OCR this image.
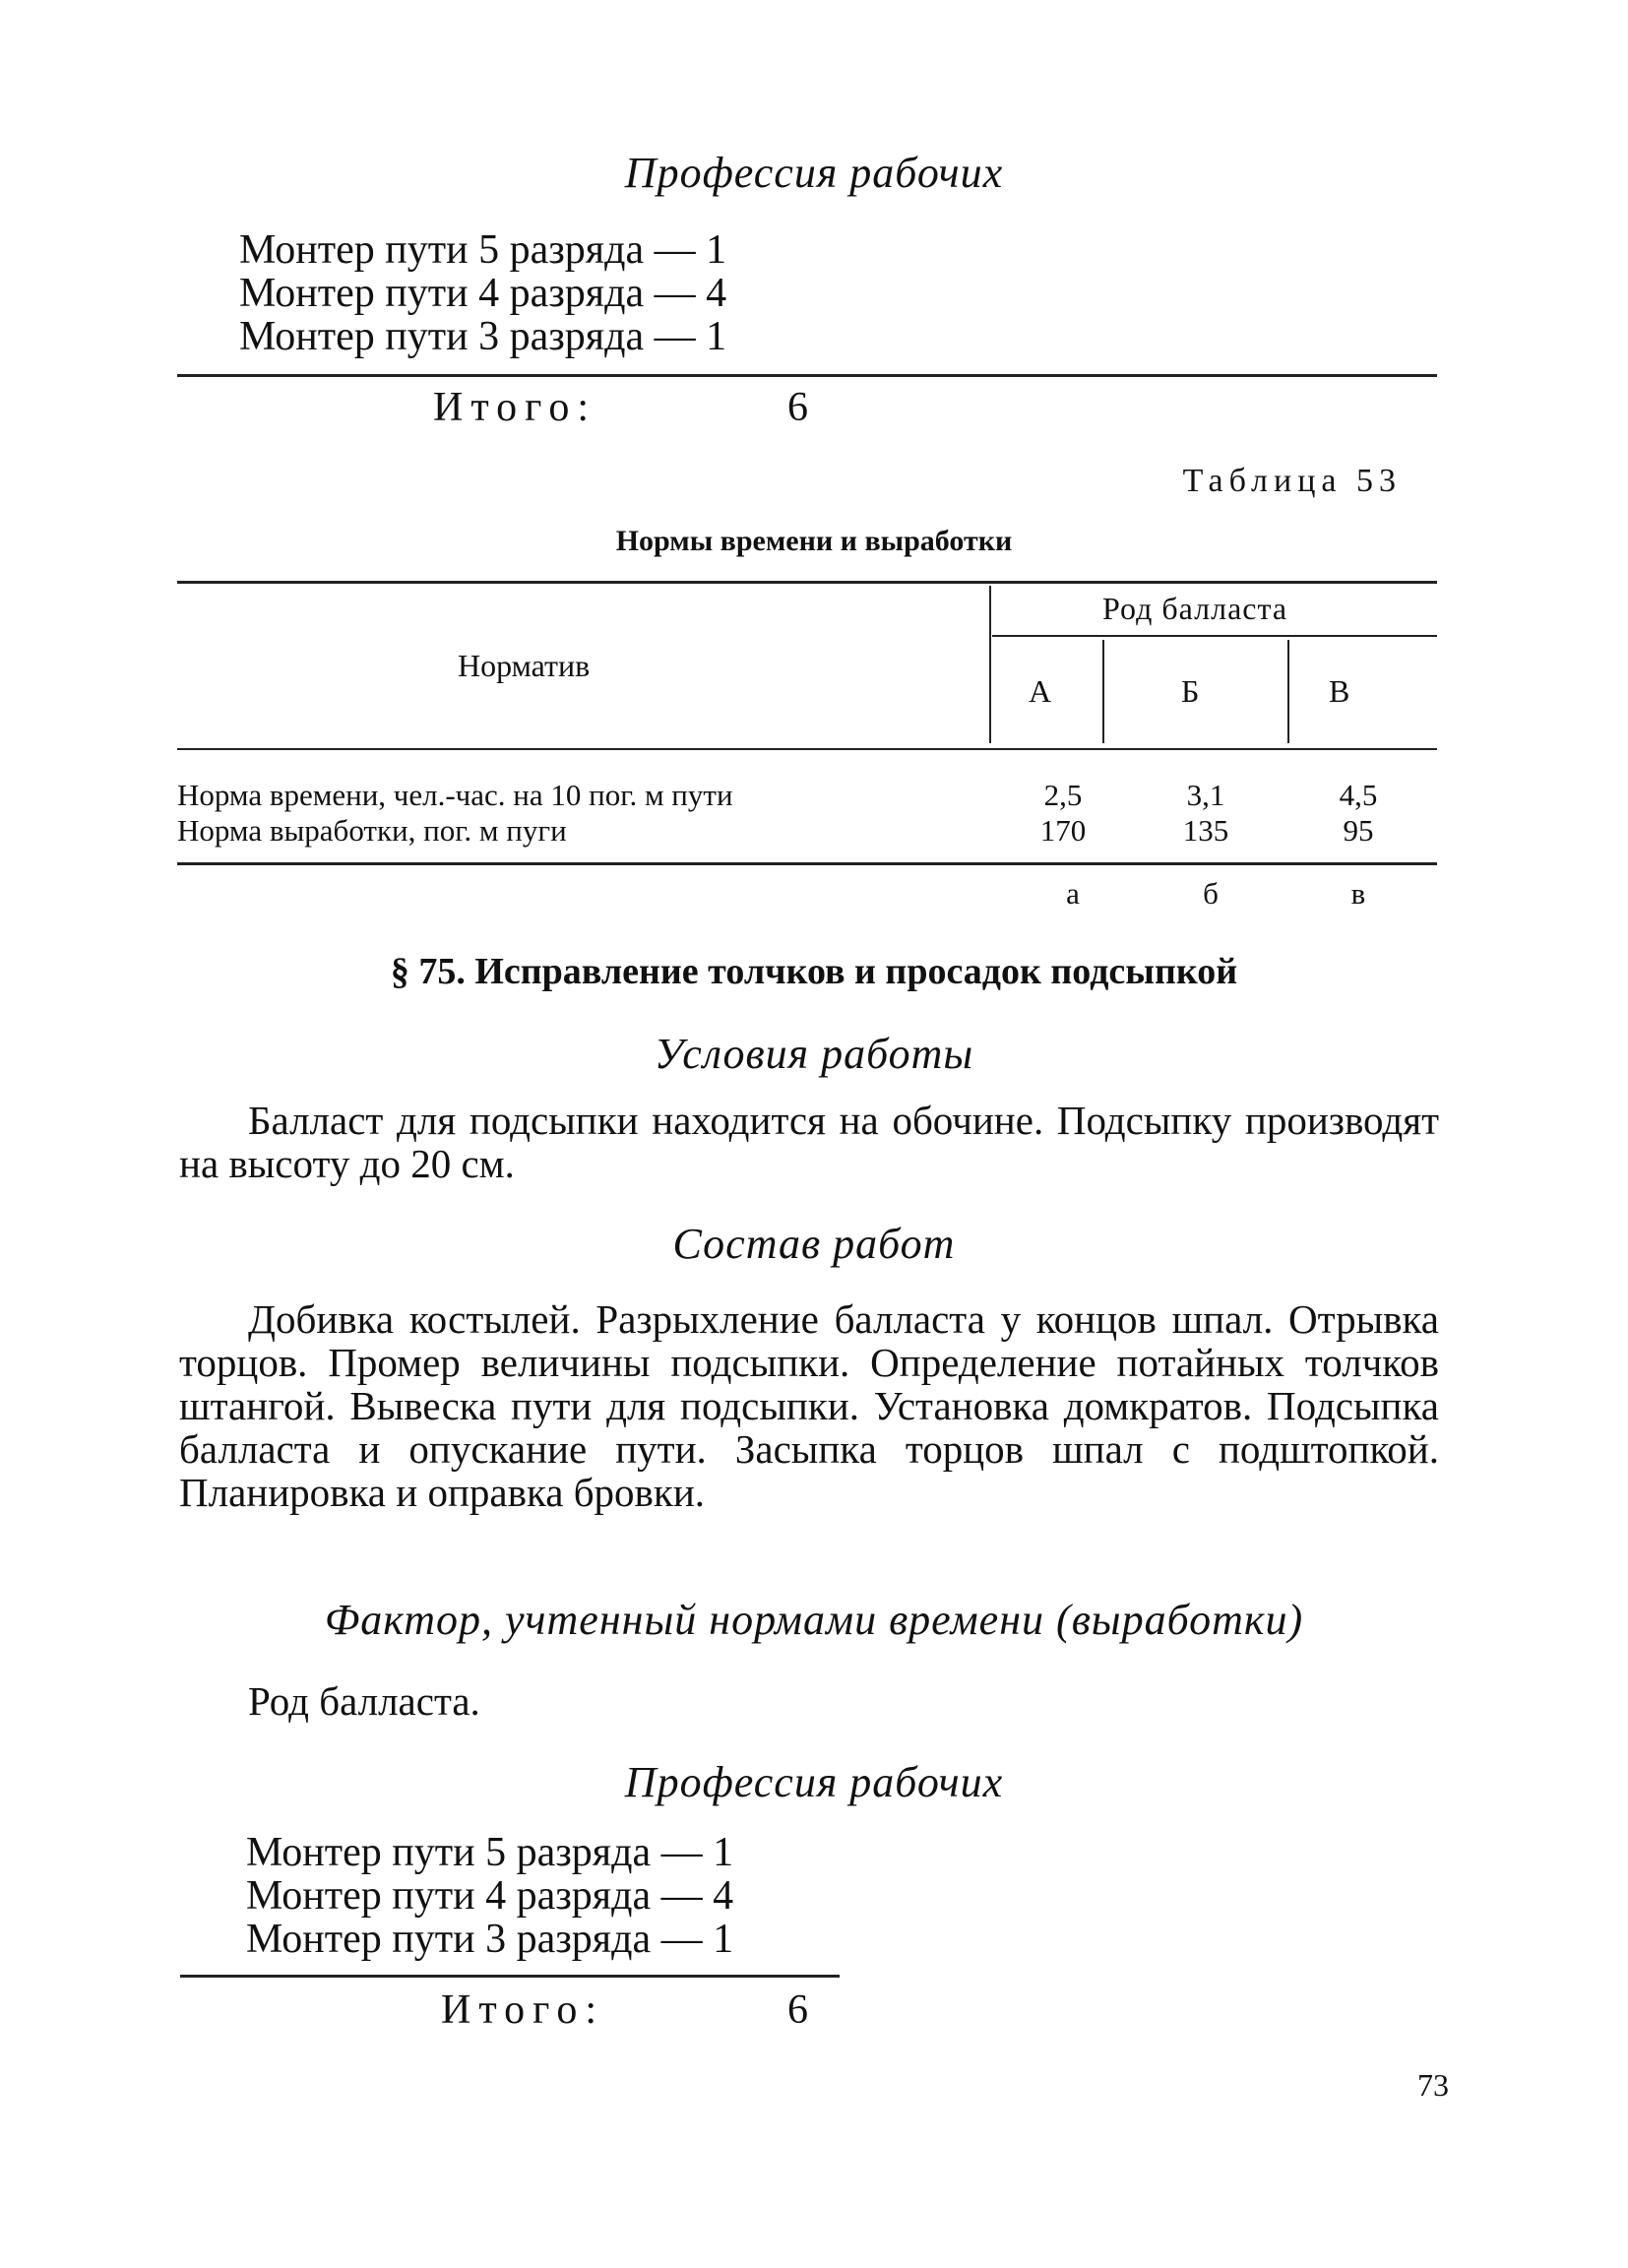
Профессия рабочих
Монтер пути 5 разряда — 1
Монтер пути 4 разряда — 4
Монтер пути 3 разряда — 1
Итого:	6
Таблица 53
Нормы времени и выработки
Норматив
Род балласта
А	Б	В
Норма времени, чел.-час. на 10 пог. м пути	2,5	3,1	4,5
Норма выработки, пог. м пуги	170	135	95
а	б	в
§ 75. Исправление толчков и просадок подсыпкой
Условия работы

Балласт для подсыпки находится на обочине. Подсыпку производят на высоту до 20 см.

Состав работ

Добивка костылей. Разрыхление балласта у концов шпал. Отрывка торцов. Промер величины подсыпки. Определение потайных толчков штангой. Вывеска пути для подсыпки. Установка домкратов. Подсыпка балласта и опускание пути. Засыпка торцов шпал с подштопкой. Планировка и оправка бровки.

Фактор, учтенный нормами времени (выработки)

Род балласта.

Профессия рабочих
Монтер пути 5 разряда — 1
Монтер пути 4 разряда — 4
Монтер пути 3 разряда — 1
Итого:	6
73
